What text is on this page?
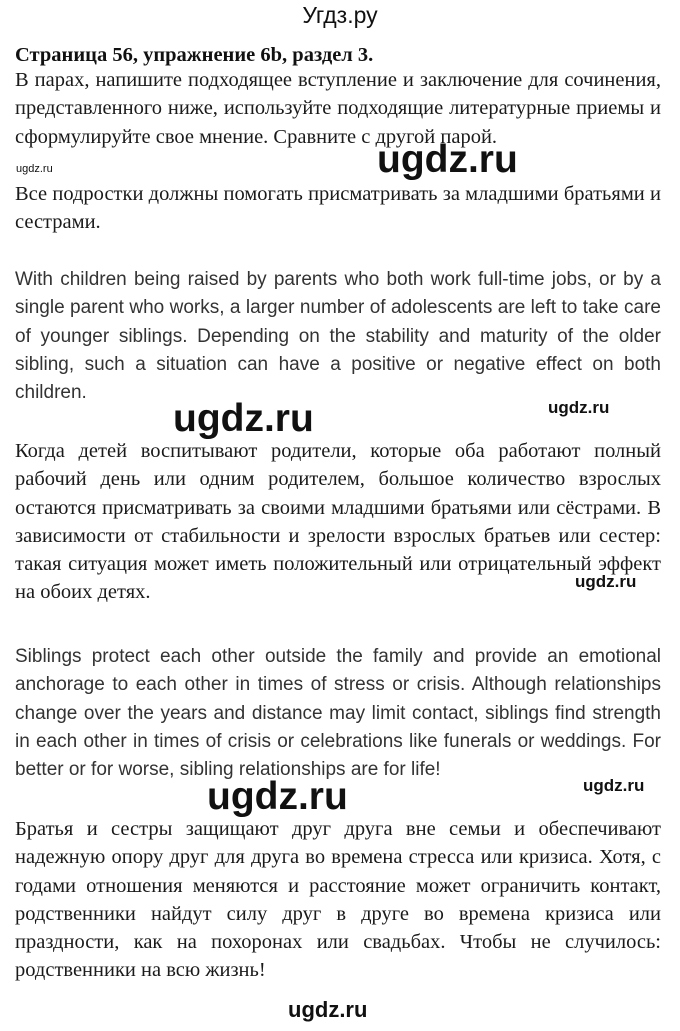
Угдз.ру
Страница 56, упражнение 6b, раздел 3.

В парах, напишите подходящее вступление и заключение для сочинения, представленного ниже, используйте подходящие литературные приемы и сформулируйте свое мнение. Сравните с другой парой.

Все подростки должны помогать присматривать за младшими братьями и сестрами.

With children being raised by parents who both work full-time jobs, or by a single parent who works, a larger number of adolescents are left to take care of younger siblings. Depending on the stability and maturity of the older sibling, such a situation can have a positive or negative effect on both children.

Когда детей воспитывают родители, которые оба работают полный рабочий день или одним родителем, большое количество взрослых остаются присматривать за своими младшими братьями или сёстрами. В зависимости от стабильности и зрелости взрослых братьев или сестер: такая ситуация может иметь положительный или отрицательный эффект на обоих детях.

Siblings protect each other outside the family and provide an emotional anchorage to each other in times of stress or crisis. Although relationships change over the years and distance may limit contact, siblings find strength in each other in times of crisis or celebrations like funerals or weddings. For better or for worse, sibling relationships are for life!

Братья и сестры защищают друг друга вне семьи и обеспечивают надежную опору друг для друга во времена стресса или кризиса. Хотя, с годами отношения меняются и расстояние может ограничить контакт, родственники найдут силу друг в друге во времена кризиса или праздности, как на похоронах или свадьбах. Чтобы не случилось: родственники на всю жизнь!

ugdz.ru
ugdz.ru
ugdz.ru	ugdz.ru
ugdz.ru
ugdz.ru	ugdz.ru
ugdz.ru
